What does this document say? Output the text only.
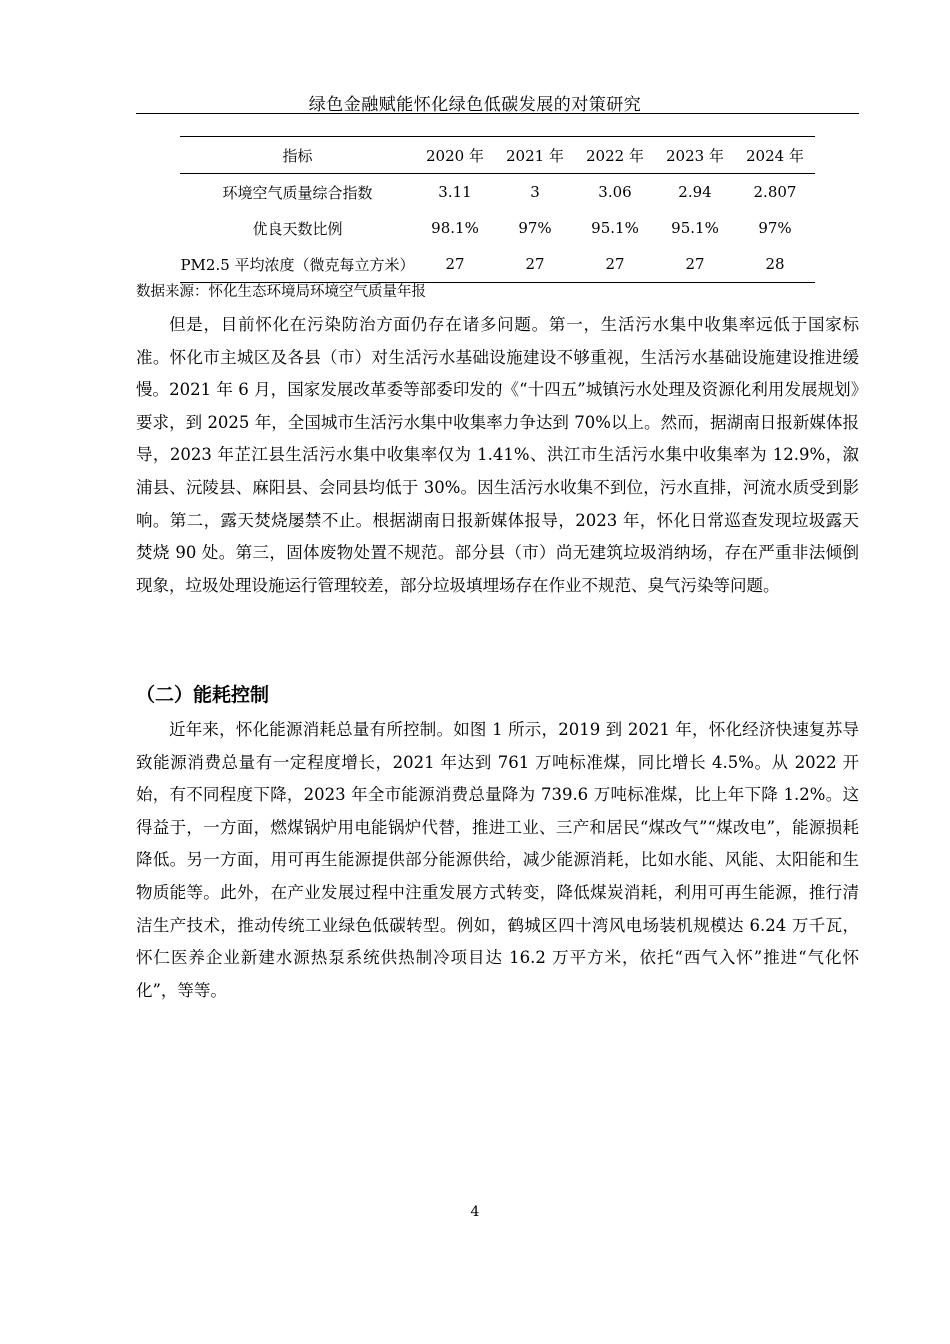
绿色金融赋能怀化绿色低碳发展的对策研究
指标	2020 年	2021 年	2022 年	2023 年	2024 年
环境空气质量综合指数	3.11	3	3.06	2.94	2.807
优良天数比例	98.1%	97%	95.1%	95.1%	97%
PM2.5 平均浓度（微克每立方米）	27	27	27	27	28
数据来源：怀化生态环境局环境空气质量年报

但是，目前怀化在污染防治方面仍存在诸多问题。第一，生活污水集中收集率远低于国家标准。怀化市主城区及各县（市）对生活污水基础设施建设不够重视，生活污水基础设施建设推进缓慢。2021 年 6 月，国家发展改革委等部委印发的《“十四五”城镇污水处理及资源化利用发展规划》要求，到 2025 年，全国城市生活污水集中收集率力争达到 70%以上。然而，据湖南日报新媒体报导，2023 年芷江县生活污水集中收集率仅为 1.41%、洪江市生活污水集中收集率为 12.9%，溆浦县、沅陵县、麻阳县、会同县均低于 30%。因生活污水收集不到位，污水直排，河流水质受到影响。第二，露天焚烧屡禁不止。根据湖南日报新媒体报导，2023 年，怀化日常巡查发现垃圾露天焚烧 90 处。第三，固体废物处置不规范。部分县（市）尚无建筑垃圾消纳场，存在严重非法倾倒现象，垃圾处理设施运行管理较差，部分垃圾填埋场存在作业不规范、臭气污染等问题。

（二）能耗控制

近年来，怀化能源消耗总量有所控制。如图 1 所示，2019 到 2021 年，怀化经济快速复苏导致能源消费总量有一定程度增长，2021 年达到 761 万吨标准煤，同比增长 4.5%。从 2022 开始，有不同程度下降，2023 年全市能源消费总量降为 739.6 万吨标准煤，比上年下降 1.2%。这得益于，一方面，燃煤锅炉用电能锅炉代替，推进工业、三产和居民“煤改气”“煤改电”，能源损耗降低。另一方面，用可再生能源提供部分能源供给，减少能源消耗，比如水能、风能、太阳能和生物质能等。此外，在产业发展过程中注重发展方式转变，降低煤炭消耗，利用可再生能源，推行清洁生产技术，推动传统工业绿色低碳转型。例如，鹤城区四十湾风电场装机规模达 6.24 万千瓦，怀仁医养企业新建水源热泵系统供热制冷项目达 16.2 万平方米，依托“西气入怀”推进“气化怀化”，等等。

4
